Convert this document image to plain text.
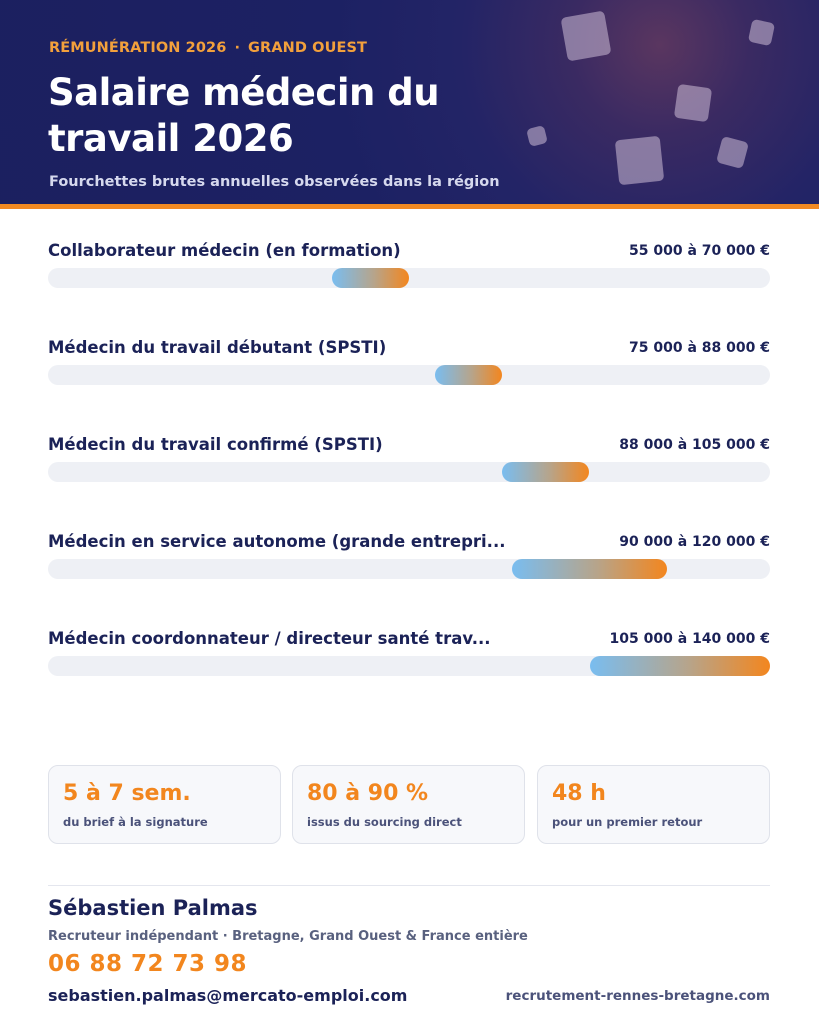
RÉMUNÉRATION 2026 · GRAND OUEST
Salaire médecin du travail 2026
Fourchettes brutes annuelles observées dans la région
Collaborateur médecin (en formation)	55 000 à 70 000 €
Médecin du travail débutant (SPSTI)	75 000 à 88 000 €
Médecin du travail confirmé (SPSTI)	88 000 à 105 000 €
Médecin en service autonome (grande entrepri...	90 000 à 120 000 €
Médecin coordonnateur / directeur santé trav...	105 000 à 140 000 €
5 à 7 sem.
du brief à la signature
80 à 90 %
issus du sourcing direct
48 h
pour un premier retour
Sébastien Palmas
Recruteur indépendant · Bretagne, Grand Ouest & France entière
06 88 72 73 98
sebastien.palmas@mercato-emploi.com	recrutement-rennes-bretagne.com
